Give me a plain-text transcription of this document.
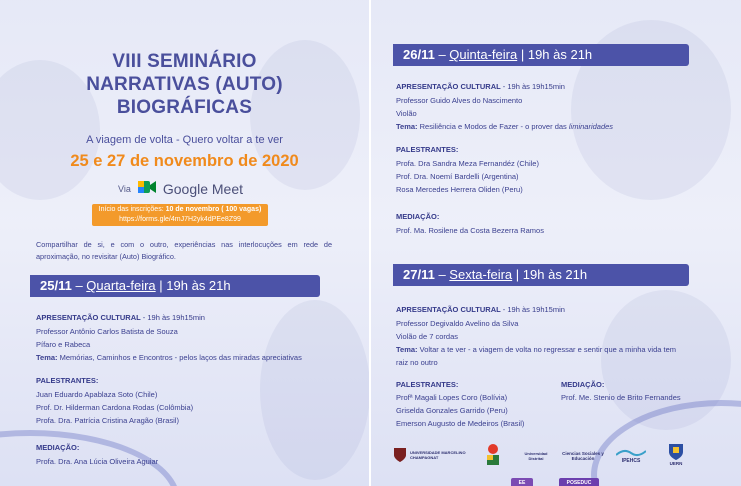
VIII SEMINÁRIO
NARRATIVAS (AUTO)
BIOGRÁFICAS
A viagem de volta - Quero voltar a te ver
25 e 27 de novembro de 2020
Via Google Meet
Início das inscrições: 10 de novembro ( 100 vagas)
https://forms.gle/4mJ7H2yk4dPEe8Z99
Compartilhar de si, e com o outro, experiências nas interlocuções em rede de aproximação, no revisitar (Auto) Biográfico.
25/11 – Quarta-feira | 19h às 21h
APRESENTAÇÃO CULTURAL - 19h às 19h15min
Professor Antônio Carlos Batista de Souza
Pífaro e Rabeca
Tema: Memórias, Caminhos e Encontros - pelos laços das miradas apreciativas
PALESTRANTES:
Juan Eduardo Apablaza Soto (Chile)
Prof. Dr. Hilderman Cardona Rodas (Colômbia)
Profa. Dra. Patrícia Cristina Aragão (Brasil)
MEDIAÇÃO:
Profa. Dra. Ana Lúcia Oliveira Aguiar
26/11 – Quinta-feira | 19h às 21h
APRESENTAÇÃO CULTURAL - 19h às 19h15min
Professor Guido Alves do Nascimento
Violão
Tema: Resiliência e Modos de Fazer - o prover das liminaridades
PALESTRANTES:
Profa. Dra Sandra Meza Fernandéz (Chile)
Prof. Dra. Noemí Bardelli (Argentina)
Rosa Mercedes Herrera Oliden (Peru)
MEDIAÇÃO:
Prof. Ma. Rosilene da Costa Bezerra Ramos
27/11 – Sexta-feira | 19h às 21h
APRESENTAÇÃO CULTURAL - 19h às 19h15min
Professor Degivaldo Avelino da Silva
Violão de 7 cordas
Tema: Voltar a te ver - a viagem de volta no regressar e sentir que a minha vida tem
raiz no outro
PALESTRANTES:
Profª Magali Lopes Coro (Bolívia)
Griselda Gonzales Garrido (Peru)
Emerson Augusto de Medeiros (Brasil)
MEDIAÇÃO:
Prof. Me. Stenio de Brito Fernandes
UNIVERSIDADE MARCELINO CHAMPAGNAT
Universidad Distrital
Ciencias Sociales y Educación	IPEHCS	UERN
EE	POSEDUC
